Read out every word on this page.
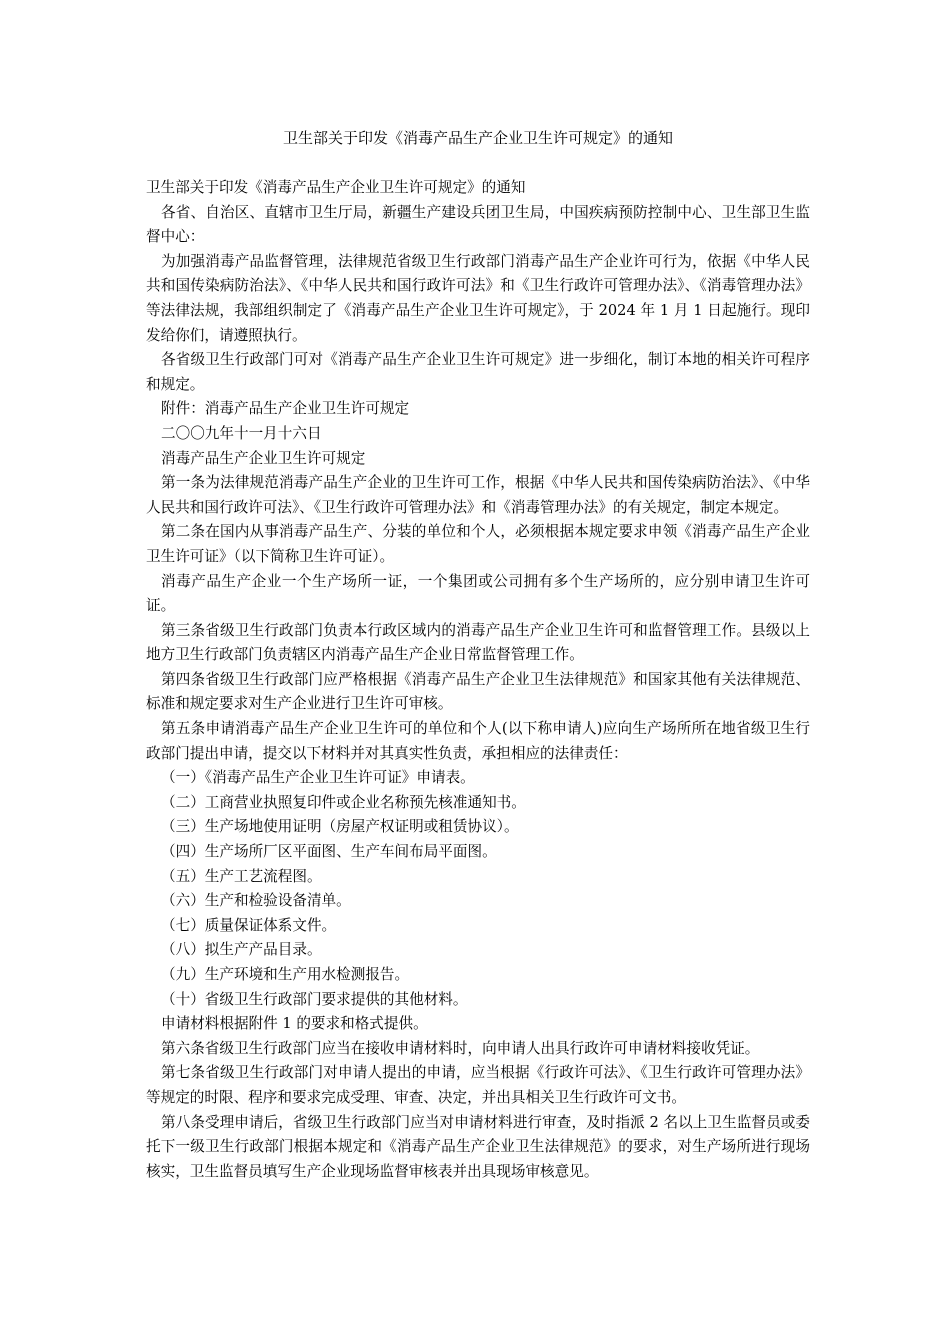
卫生部关于印发《消毒产品生产企业卫生许可规定》的通知

卫生部关于印发《消毒产品生产企业卫生许可规定》的通知

各省、自治区、直辖市卫生厅局，新疆生产建设兵团卫生局，中国疾病预防控制中心、卫生部卫生监督中心：

为加强消毒产品监督管理，法律规范省级卫生行政部门消毒产品生产企业许可行为，依据《中华人民共和国传染病防治法》、《中华人民共和国行政许可法》和《卫生行政许可管理办法》、《消毒管理办法》等法律法规，我部组织制定了《消毒产品生产企业卫生许可规定》，于 2024 年 1 月 1 日起施行。现印发给你们，请遵照执行。

各省级卫生行政部门可对《消毒产品生产企业卫生许可规定》进一步细化，制订本地的相关许可程序和规定。

附件：消毒产品生产企业卫生许可规定

二〇〇九年十一月十六日

消毒产品生产企业卫生许可规定

第一条为法律规范消毒产品生产企业的卫生许可工作，根据《中华人民共和国传染病防治法》、《中华人民共和国行政许可法》、《卫生行政许可管理办法》和《消毒管理办法》的有关规定，制定本规定。

第二条在国内从事消毒产品生产、分装的单位和个人，必须根据本规定要求申领《消毒产品生产企业卫生许可证》（以下简称卫生许可证）。

消毒产品生产企业一个生产场所一证，一个集团或公司拥有多个生产场所的，应分别申请卫生许可证。

第三条省级卫生行政部门负责本行政区域内的消毒产品生产企业卫生许可和监督管理工作。县级以上地方卫生行政部门负责辖区内消毒产品生产企业日常监督管理工作。

第四条省级卫生行政部门应严格根据《消毒产品生产企业卫生法律规范》和国家其他有关法律规范、标准和规定要求对生产企业进行卫生许可审核。

第五条申请消毒产品生产企业卫生许可的单位和个人(以下称申请人)应向生产场所所在地省级卫生行政部门提出申请，提交以下材料并对其真实性负责，承担相应的法律责任：

（一）《消毒产品生产企业卫生许可证》申请表。

（二）工商营业执照复印件或企业名称预先核准通知书。

（三）生产场地使用证明（房屋产权证明或租赁协议）。

（四）生产场所厂区平面图、生产车间布局平面图。

（五）生产工艺流程图。

（六）生产和检验设备清单。

（七）质量保证体系文件。

（八）拟生产产品目录。

（九）生产环境和生产用水检测报告。

（十）省级卫生行政部门要求提供的其他材料。

申请材料根据附件 1 的要求和格式提供。

第六条省级卫生行政部门应当在接收申请材料时，向申请人出具行政许可申请材料接收凭证。

第七条省级卫生行政部门对申请人提出的申请，应当根据《行政许可法》、《卫生行政许可管理办法》等规定的时限、程序和要求完成受理、审查、决定，并出具相关卫生行政许可文书。

第八条受理申请后，省级卫生行政部门应当对申请材料进行审查，及时指派 2 名以上卫生监督员或委托下一级卫生行政部门根据本规定和《消毒产品生产企业卫生法律规范》的要求，对生产场所进行现场核实，卫生监督员填写生产企业现场监督审核表并出具现场审核意见。
